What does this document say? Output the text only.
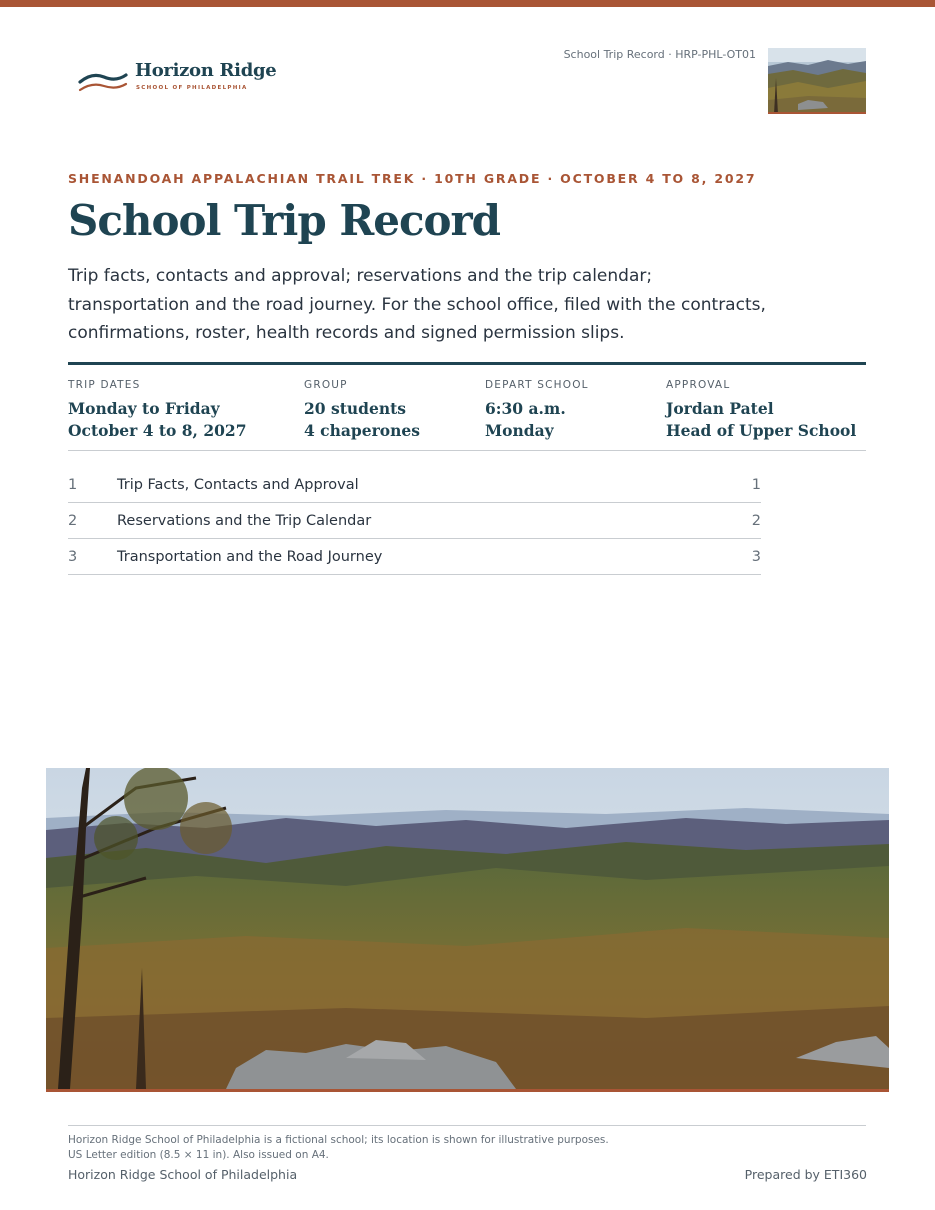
Horizon Ridge
SCHOOL OF PHILADELPHIA
School Trip Record · HRP-PHL-OT01
SHENANDOAH APPALACHIAN TRAIL TREK · 10TH GRADE · OCTOBER 4 TO 8, 2027
School Trip Record

Trip facts, contacts and approval; reservations and the trip calendar; transportation and the road journey. For the school office, filed with the contracts, confirmations, roster, health records and signed permission slips.

TRIP DATES
Monday to Friday
October 4 to 8, 2027
GROUP
20 students
4 chaperones
DEPART SCHOOL
6:30 a.m.
Monday
APPROVAL
Jordan Patel
Head of Upper School
1	Trip Facts, Contacts and Approval	1
2	Reservations and the Trip Calendar	2
3	Transportation and the Road Journey	3
Horizon Ridge School of Philadelphia is a fictional school; its location is shown for illustrative purposes.
US Letter edition (8.5 × 11 in). Also issued on A4.
Horizon Ridge School of Philadelphia	Prepared by ETI360
